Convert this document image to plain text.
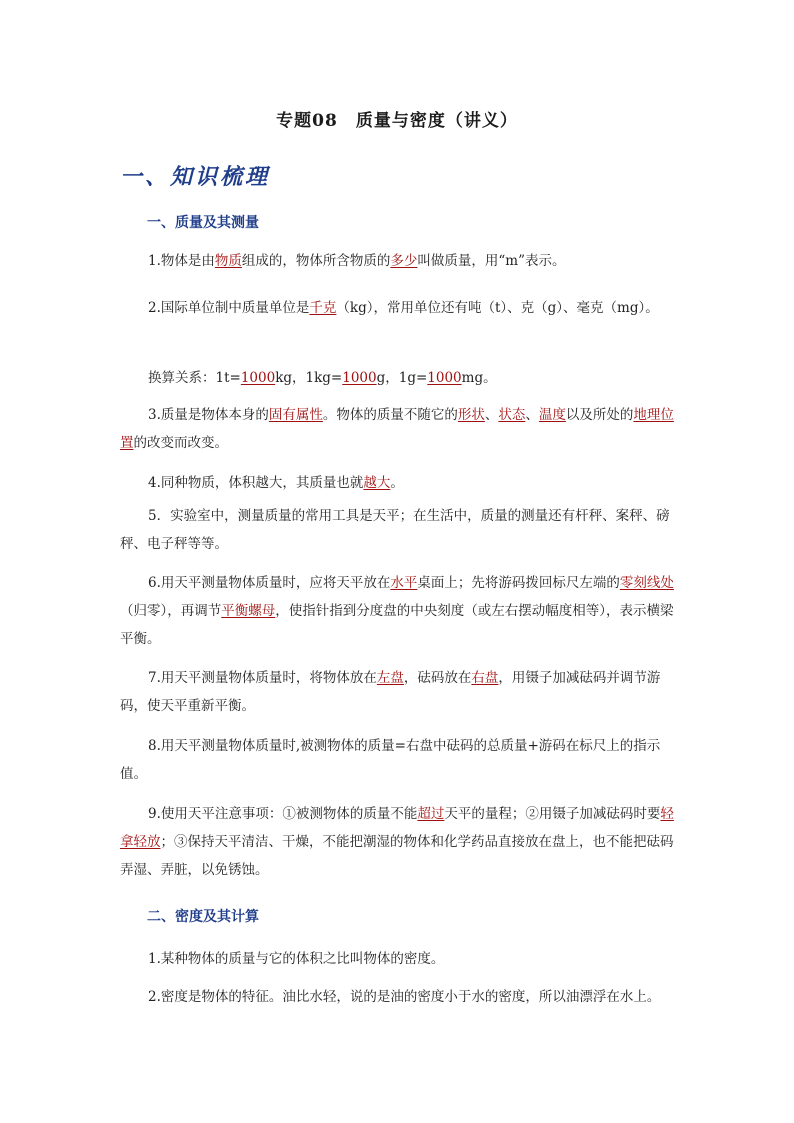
专题08　质量与密度（讲义）
一、知识梳理
一、质量及其测量
1.物体是由物质组成的，物体所含物质的多少叫做质量，用“m”表示。
2.国际单位制中质量单位是千克（kg），常用单位还有吨（t）、克（g）、毫克（mg）。
换算关系：1t=1000kg，1kg=1000g，1g=1000mg。
3.质量是物体本身的固有属性。物体的质量不随它的形状、状态、温度以及所处的地理位置的改变而改变。
4.同种物质，体积越大，其质量也就越大。
5．实验室中，测量质量的常用工具是天平；在生活中，质量的测量还有杆秤、案秤、磅秤、电子秤等等。
6.用天平测量物体质量时，应将天平放在水平桌面上；先将游码拨回标尺左端的零刻线处（归零），再调节平衡螺母，使指针指到分度盘的中央刻度（或左右摆动幅度相等），表示横梁平衡。
7.用天平测量物体质量时，将物体放在左盘，砝码放在右盘，用镊子加减砝码并调节游码，使天平重新平衡。
8.用天平测量物体质量时,被测物体的质量=右盘中砝码的总质量+游码在标尺上的指示值。
9.使用天平注意事项：①被测物体的质量不能超过天平的量程；②用镊子加减砝码时要轻拿轻放；③保持天平清洁、干燥，不能把潮湿的物体和化学药品直接放在盘上，也不能把砝码弄湿、弄脏，以免锈蚀。
二、密度及其计算
1.某种物体的质量与它的体积之比叫物体的密度。
2.密度是物体的特征。油比水轻，说的是油的密度小于水的密度，所以油漂浮在水上。
